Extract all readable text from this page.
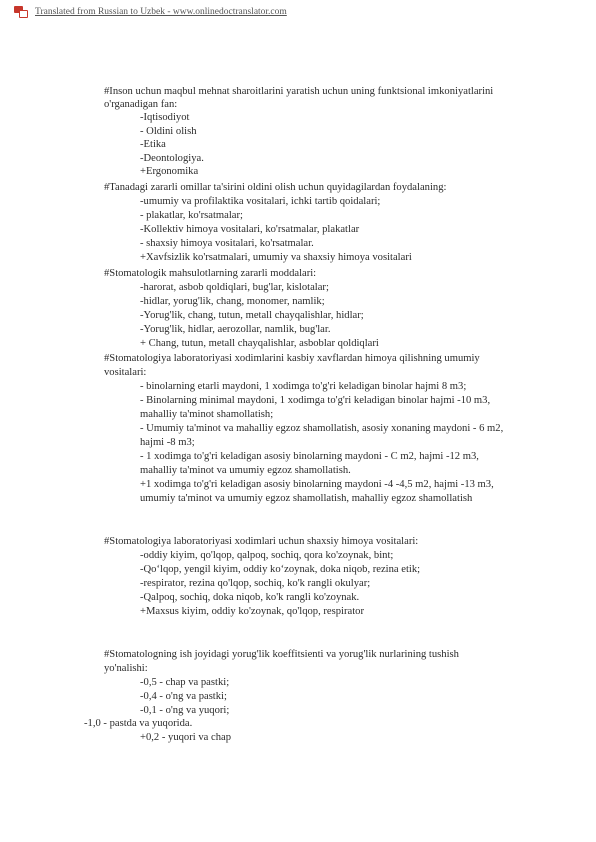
Translated from Russian to Uzbek - www.onlinedoctranslator.com
#Inson uchun maqbul mehnat sharoitlarini yaratish uchun uning funktsional imkoniyatlarini
o'rganadigan fan:
-Iqtisodiyot
- Oldini olish
-Etika
-Deontologiya.
+Ergonomika
#Tanadagi zararli omillar ta'sirini oldini olish uchun quyidagilardan foydalaning:
-umumiy va profilaktika vositalari, ichki tartib qoidalari;
- plakatlar, ko'rsatmalar;
-Kollektiv himoya vositalari, ko'rsatmalar, plakatlar
- shaxsiy himoya vositalari, ko'rsatmalar.
+Xavfsizlik ko'rsatmalari, umumiy va shaxsiy himoya vositalari
#Stomatologik mahsulotlarning zararli moddalari:
-harorat, asbob qoldiqlari, bug'lar, kislotalar;
-hidlar, yorug'lik, chang, monomer, namlik;
-Yorug'lik, chang, tutun, metall chayqalishlar, hidlar;
-Yorug'lik, hidlar, aerozollar, namlik, bug'lar.
+ Chang, tutun, metall chayqalishlar, asboblar qoldiqlari
#Stomatologiya laboratoriyasi xodimlarini kasbiy xavflardan himoya qilishning umumiy
vositalari:
- binolarning etarli maydoni, 1 xodimga to'g'ri keladigan binolar hajmi 8 m3;
- Binolarning minimal maydoni, 1 xodimga to'g'ri keladigan binolar hajmi -10 m3,
mahalliy ta'minot shamollatish;
- Umumiy ta'minot va mahalliy egzoz shamollatish, asosiy xonaning maydoni - 6 m2,
hajmi -8 m3;
- 1 xodimga to'g'ri keladigan asosiy binolarning maydoni - C m2, hajmi -12 m3,
mahalliy ta'minot va umumiy egzoz shamollatish.
+1 xodimga to'g'ri keladigan asosiy binolarning maydoni -4 -4,5 m2, hajmi -13 m3,
umumiy ta'minot va umumiy egzoz shamollatish, mahalliy egzoz shamollatish
#Stomatologiya laboratoriyasi xodimlari uchun shaxsiy himoya vositalari:
-oddiy kiyim, qo'lqop, qalpoq, sochiq, qora ko'zoynak, bint;
-Qo‘lqop, yengil kiyim, oddiy ko‘zoynak, doka niqob, rezina etik;
-respirator, rezina qo'lqop, sochiq, ko'k rangli okulyar;
-Qalpoq, sochiq, doka niqob, ko'k rangli ko'zoynak.
+Maxsus kiyim, oddiy ko'zoynak, qo'lqop, respirator
#Stomatologning ish joyidagi yorug'lik koeffitsienti va yorug'lik nurlarining tushish
yo'nalishi:
-0,5 - chap va pastki;
-0,4 - o'ng va pastki;
-0,1 - o'ng va yuqori;
-1,0 - pastda va yuqorida.
+0,2 - yuqori va chap
